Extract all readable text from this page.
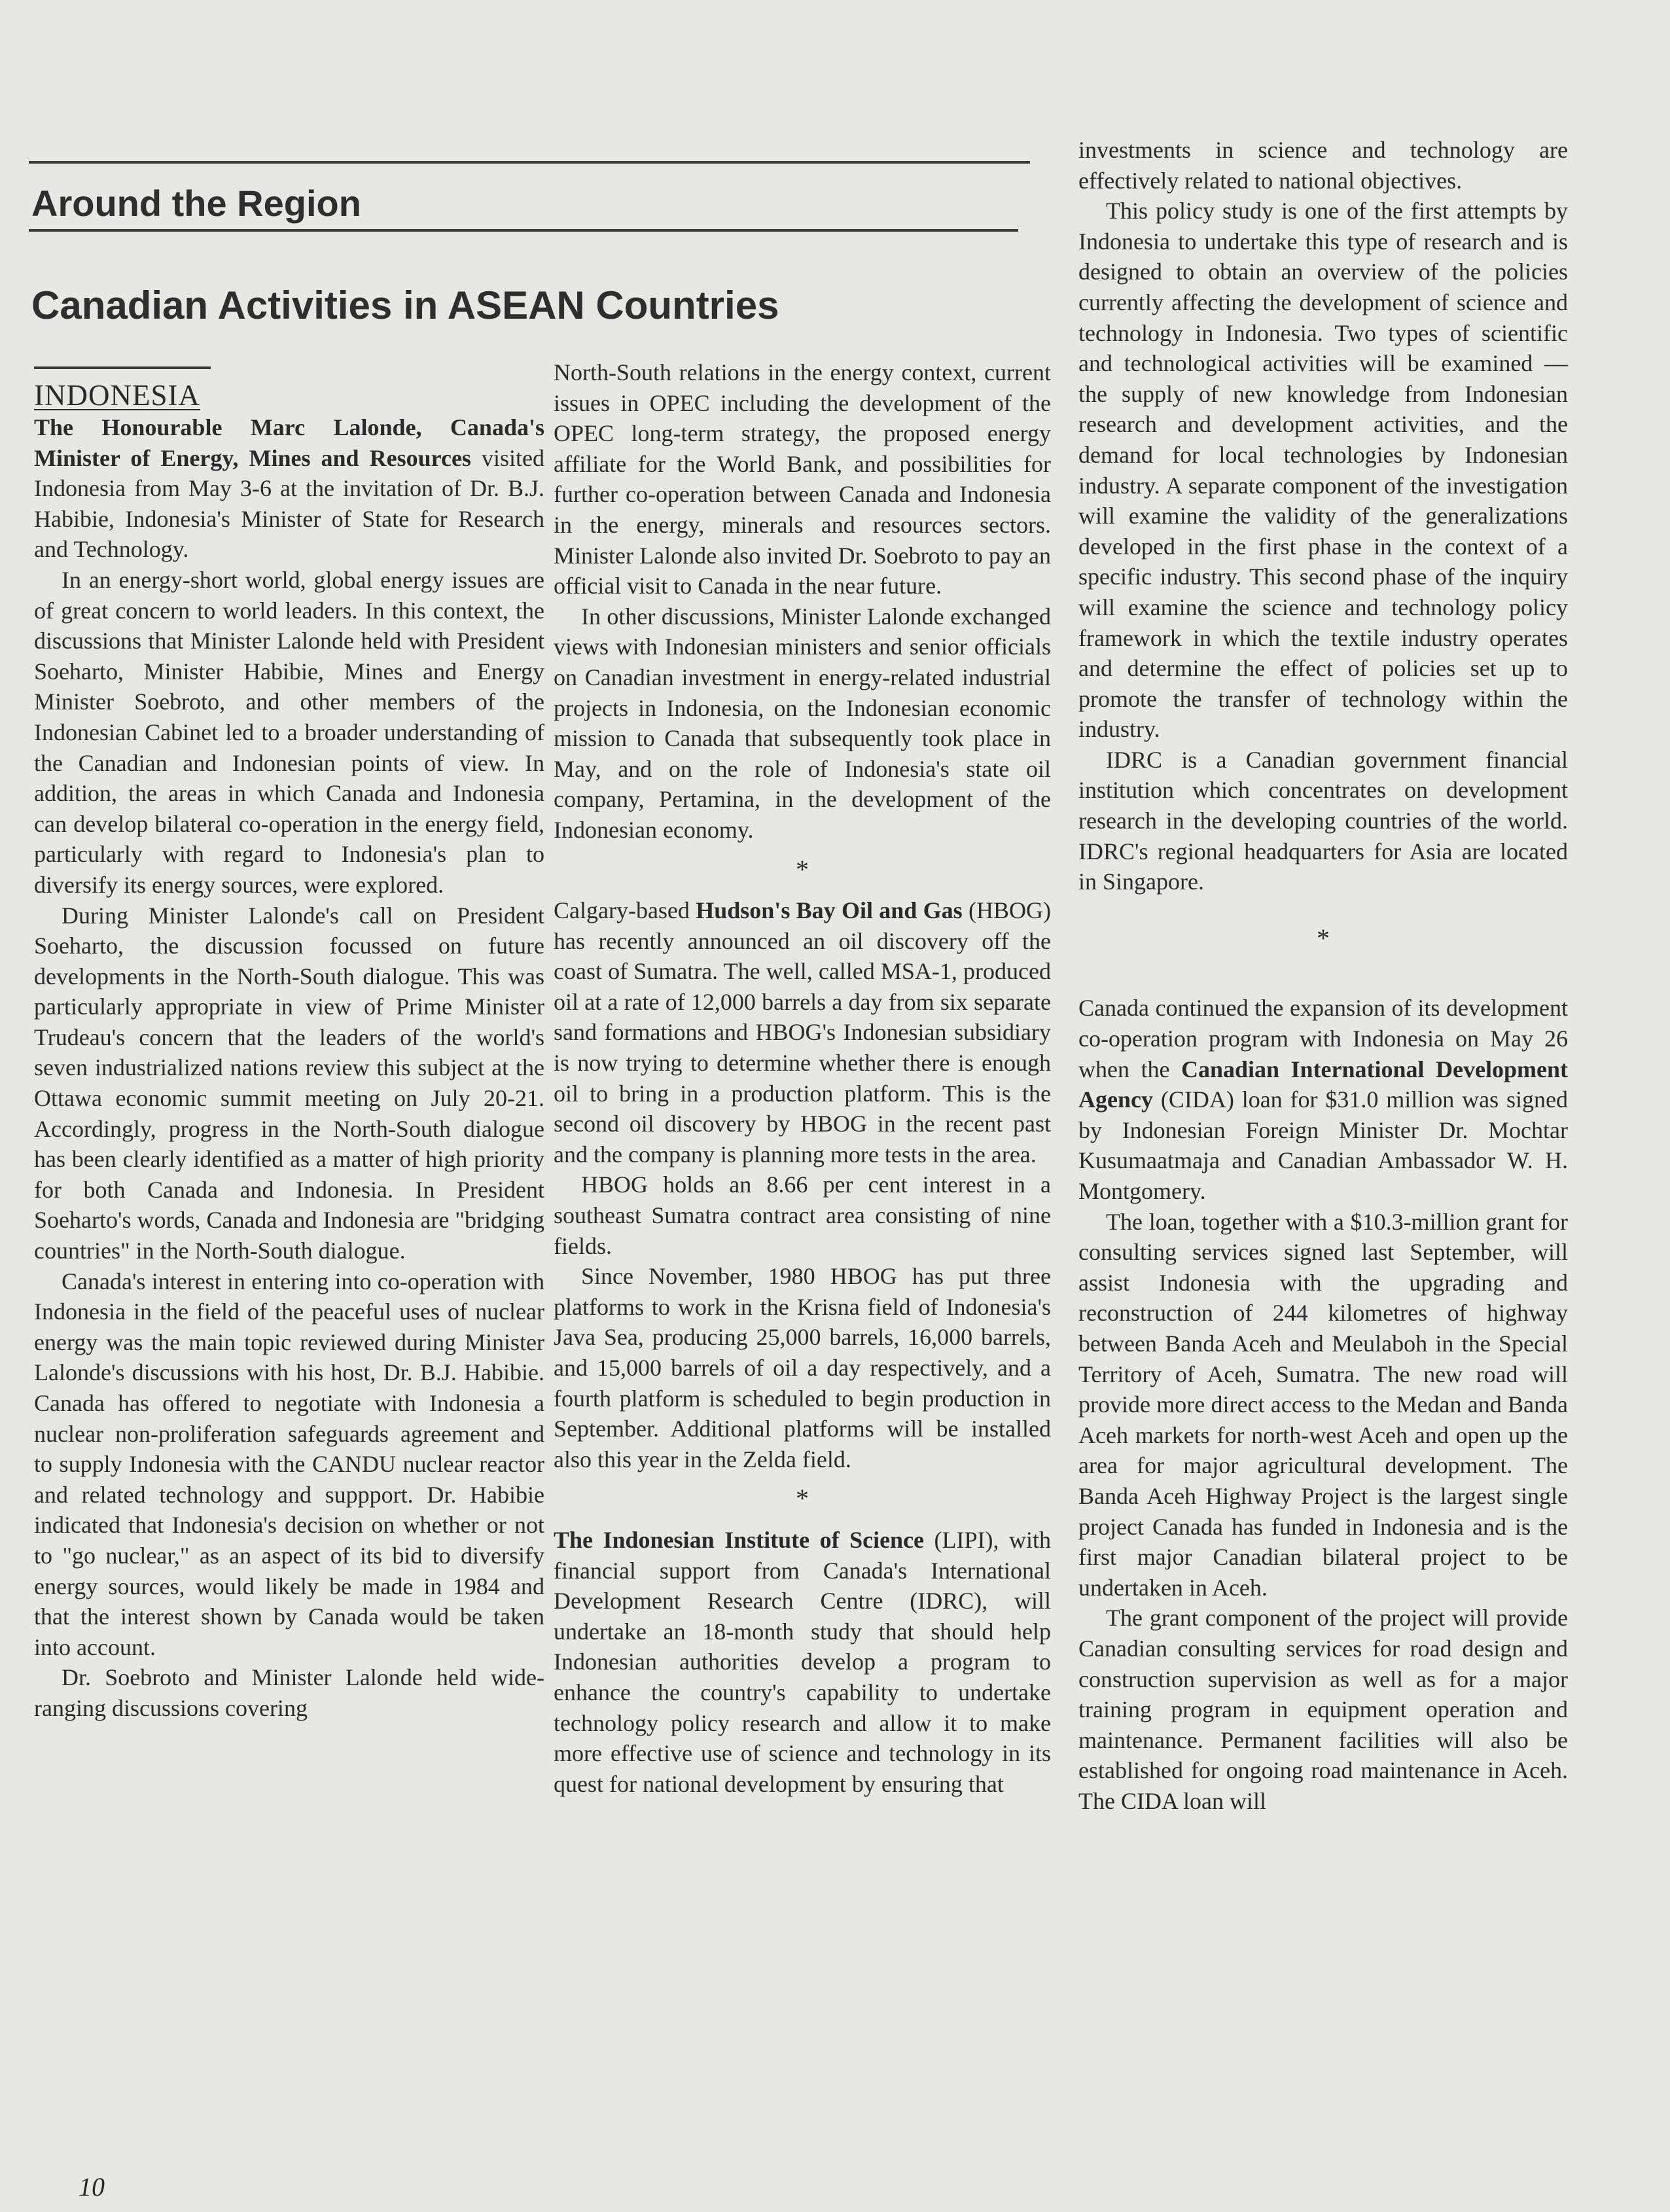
Around the Region
Canadian Activities in ASEAN Countries

INDONESIA

The Honourable Marc Lalonde, Canada's Minister of Energy, Mines and Resources visited Indonesia from May 3-6 at the invitation of Dr. B.J. Habibie, Indonesia's Minister of State for Research and Technology.

In an energy-short world, global energy issues are of great concern to world leaders. In this context, the discussions that Minister Lalonde held with President Soeharto, Minister Habibie, Mines and Energy Minister Soebroto, and other members of the Indonesian Cabinet led to a broader understanding of the Canadian and Indonesian points of view. In addition, the areas in which Canada and Indonesia can develop bilateral co-operation in the energy field, particularly with regard to Indonesia's plan to diversify its energy sources, were explored.

During Minister Lalonde's call on President Soeharto, the discussion focussed on future developments in the North-South dialogue. This was particularly appropriate in view of Prime Minister Trudeau's concern that the leaders of the world's seven industrialized nations review this subject at the Ottawa economic summit meeting on July 20-21. Accordingly, progress in the North-South dialogue has been clearly identified as a matter of high priority for both Canada and Indonesia. In President Soeharto's words, Canada and Indonesia are "bridging countries" in the North-South dialogue.

Canada's interest in entering into co-operation with Indonesia in the field of the peaceful uses of nuclear energy was the main topic reviewed during Minister Lalonde's discussions with his host, Dr. B.J. Habibie. Canada has offered to negotiate with Indonesia a nuclear non-proliferation safeguards agreement and to supply Indonesia with the CANDU nuclear reactor and related technology and suppport. Dr. Habibie indicated that Indonesia's decision on whether or not to "go nuclear," as an aspect of its bid to diversify energy sources, would likely be made in 1984 and that the interest shown by Canada would be taken into account.

Dr. Soebroto and Minister Lalonde held wide-ranging discussions covering

North-South relations in the energy context, current issues in OPEC including the development of the OPEC long-term strategy, the proposed energy affiliate for the World Bank, and possibilities for further co-operation between Canada and Indonesia in the energy, minerals and resources sectors. Minister Lalonde also invited Dr. Soebroto to pay an official visit to Canada in the near future.

In other discussions, Minister Lalonde exchanged views with Indonesian ministers and senior officials on Canadian investment in energy-related industrial projects in Indonesia, on the Indonesian economic mission to Canada that subsequently took place in May, and on the role of Indonesia's state oil company, Pertamina, in the development of the Indonesian economy.

*

Calgary-based Hudson's Bay Oil and Gas (HBOG) has recently announced an oil discovery off the coast of Sumatra. The well, called MSA-1, produced oil at a rate of 12,000 barrels a day from six separate sand formations and HBOG's Indonesian subsidiary is now trying to determine whether there is enough oil to bring in a production platform. This is the second oil discovery by HBOG in the recent past and the company is planning more tests in the area.

HBOG holds an 8.66 per cent interest in a southeast Sumatra contract area consisting of nine fields.

Since November, 1980 HBOG has put three platforms to work in the Krisna field of Indonesia's Java Sea, producing 25,000 barrels, 16,000 barrels, and 15,000 barrels of oil a day respectively, and a fourth platform is scheduled to begin production in September. Additional platforms will be installed also this year in the Zelda field.

*

The Indonesian Institute of Science (LIPI), with financial support from Canada's International Development Research Centre (IDRC), will undertake an 18-month study that should help Indonesian authorities develop a program to enhance the country's capability to undertake technology policy research and allow it to make more effective use of science and technology in its quest for national development by ensuring that

investments in science and technology are effectively related to national objectives.

This policy study is one of the first attempts by Indonesia to undertake this type of research and is designed to obtain an overview of the policies currently affecting the development of science and technology in Indonesia. Two types of scientific and technological activities will be examined — the supply of new knowledge from Indonesian research and development activities, and the demand for local technologies by Indonesian industry. A separate component of the investigation will examine the validity of the generalizations developed in the first phase in the context of a specific industry. This second phase of the inquiry will examine the science and technology policy framework in which the textile industry operates and determine the effect of policies set up to promote the transfer of technology within the industry.

IDRC is a Canadian government financial institution which concentrates on development research in the developing countries of the world. IDRC's regional headquarters for Asia are located in Singapore.

*

Canada continued the expansion of its development co-operation program with Indonesia on May 26 when the Canadian International Development Agency (CIDA) loan for $31.0 million was signed by Indonesian Foreign Minister Dr. Mochtar Kusumaatmaja and Canadian Ambassador W. H. Montgomery.

The loan, together with a $10.3-million grant for consulting services signed last September, will assist Indonesia with the upgrading and reconstruction of 244 kilometres of highway between Banda Aceh and Meulaboh in the Special Territory of Aceh, Sumatra. The new road will provide more direct access to the Medan and Banda Aceh markets for north-west Aceh and open up the area for major agricultural development. The Banda Aceh Highway Project is the largest single project Canada has funded in Indonesia and is the first major Canadian bilateral project to be undertaken in Aceh.

The grant component of the project will provide Canadian consulting services for road design and construction supervision as well as for a major training program in equipment operation and maintenance. Permanent facilities will also be established for ongoing road maintenance in Aceh. The CIDA loan will

10
